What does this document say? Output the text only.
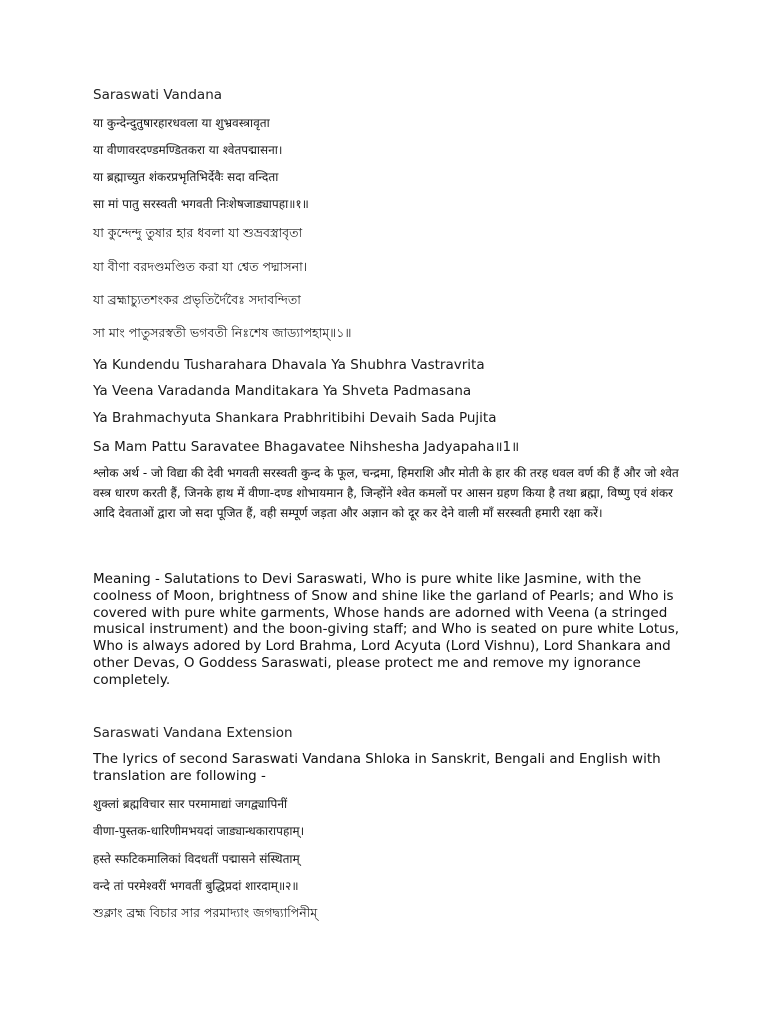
Saraswati Vandana

या कुन्देन्दुतुषारहारधवला या शुभ्रवस्त्रावृता

या वीणावरदण्डमण्डितकरा या श्वेतपद्मासना।

या ब्रह्माच्युत शंकरप्रभृतिभिर्देवैः सदा वन्दिता

सा मां पातु सरस्वती भगवती निःशेषजाड्यापहा॥१॥

যা কুন্দেন্দু তুষার হার ধবলা যা শুভ্রবস্ত্রাবৃতা

যা বীণা বরদণ্ডমণ্ডিত করা যা শ্বেত পদ্মাসনা।

যা ব্রহ্মাচ্যুতশংকর প্রভৃতির্দৈবৈঃ সদাবন্দিতা

সা মাং পাতুসরস্বতী ভগবতী নিঃশেষ জাড্যাপহাম্॥১॥

Ya Kundendu Tusharahara Dhavala Ya Shubhra Vastravrita

Ya Veena Varadanda Manditakara Ya Shveta Padmasana

Ya Brahmachyuta Shankara Prabhritibihi Devaih Sada Pujita

Sa Mam Pattu Saravatee Bhagavatee Nihshesha Jadyapaha॥1॥

श्लोक अर्थ - जो विद्या की देवी भगवती सरस्वती कुन्द के फूल, चन्द्रमा, हिमराशि और मोती के हार की तरह धवल वर्ण की हैं और जो श्वेत वस्त्र धारण करती हैं, जिनके हाथ में वीणा-दण्ड शोभायमान है, जिन्होंने श्वेत कमलों पर आसन ग्रहण किया है तथा ब्रह्मा, विष्णु एवं शंकर आदि देवताओं द्वारा जो सदा पूजित हैं, वही सम्पूर्ण जड़ता और अज्ञान को दूर कर देने वाली माँ सरस्वती हमारी रक्षा करें।

Meaning - Salutations to Devi Saraswati, Who is pure white like Jasmine, with the coolness of Moon, brightness of Snow and shine like the garland of Pearls; and Who is covered with pure white garments, Whose hands are adorned with Veena (a stringed musical instrument) and the boon-giving staff; and Who is seated on pure white Lotus, Who is always adored by Lord Brahma, Lord Acyuta (Lord Vishnu), Lord Shankara and other Devas, O Goddess Saraswati, please protect me and remove my ignorance completely.

Saraswati Vandana Extension

The lyrics of second Saraswati Vandana Shloka in Sanskrit, Bengali and English with translation are following -

शुक्लां ब्रह्मविचार सार परमामाद्यां जगद्व्यापिनीं

वीणा-पुस्तक-धारिणीमभयदां जाड्यान्धकारापहाम्‌।

हस्ते स्फटिकमालिकां विदधतीं पद्मासने संस्थिताम्‌

वन्दे तां परमेश्वरीं भगवतीं बुद्धिप्रदां शारदाम्‌॥२॥

শুক্লাং ব্রহ্ম বিচার সার পরমাদ্যাং জগদ্ব্যাপিনীম্
